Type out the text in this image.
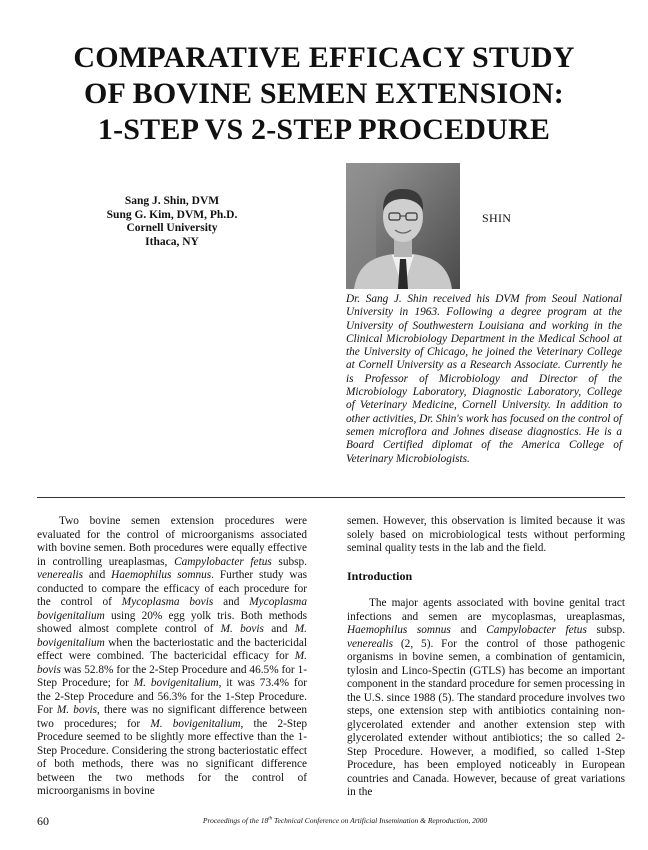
COMPARATIVE EFFICACY STUDY
OF BOVINE SEMEN EXTENSION:
1-STEP VS 2-STEP PROCEDURE
Sang J. Shin, DVM
Sung G. Kim, DVM, Ph.D.
Cornell University
Ithaca, NY
SHIN

Dr. Sang J. Shin received his DVM from Seoul National University in 1963. Following a degree program at the University of Southwestern Louisiana and working in the Clinical Microbiology Department in the Medical School at the University of Chicago, he joined the Veterinary College at Cornell University as a Research Associate. Currently he is Professor of Microbiology and Director of the Microbiology Laboratory, Diagnostic Laboratory, College of Veterinary Medicine, Cornell University. In addition to other activities, Dr. Shin's work has focused on the control of semen microflora and Johnes disease diagnostics. He is a Board Certified diplomat of the America College of Veterinary Microbiologists.

Two bovine semen extension procedures were evaluated for the control of microorganisms associated with bovine semen. Both procedures were equally effective in controlling ureaplasmas, Campylobacter fetus subsp. venerealis and Haemophilus somnus. Further study was conducted to compare the efficacy of each procedure for the control of Mycoplasma bovis and Mycoplasma bovigenitalium using 20% egg yolk tris. Both methods showed almost complete control of M. bovis and M. bovigenitalium when the bacteriostatic and the bactericidal effect were combined. The bactericidal efficacy for M. bovis was 52.8% for the 2-Step Procedure and 46.5% for 1-Step Procedure; for M. bovigenitalium, it was 73.4% for the 2-Step Procedure and 56.3% for the 1-Step Procedure. For M. bovis, there was no significant difference between two procedures; for M. bovigenitalium, the 2-Step Procedure seemed to be slightly more effective than the 1-Step Procedure. Considering the strong bacteriostatic effect of both methods, there was no significant difference between the two methods for the control of microorganisms in bovine

semen. However, this observation is limited because it was solely based on microbiological tests without performing seminal quality tests in the lab and the field.

Introduction

The major agents associated with bovine genital tract infections and semen are mycoplasmas, ureaplasmas, Haemophilus somnus and Campylobacter fetus subsp. venerealis (2, 5). For the control of those pathogenic organisms in bovine semen, a combination of gentamicin, tylosin and Linco-Spectin (GTLS) has become an important component in the standard procedure for semen processing in the U.S. since 1988 (5). The standard procedure involves two steps, one extension step with antibiotics containing non-glycerolated extender and another extension step with glycerolated extender without antibiotics; the so called 2-Step Procedure. However, a modified, so called 1-Step Procedure, has been employed noticeably in European countries and Canada. However, because of great variations in the

60	Proceedings of the 18th Technical Conference on Artificial Insemination & Reproduction, 2000
